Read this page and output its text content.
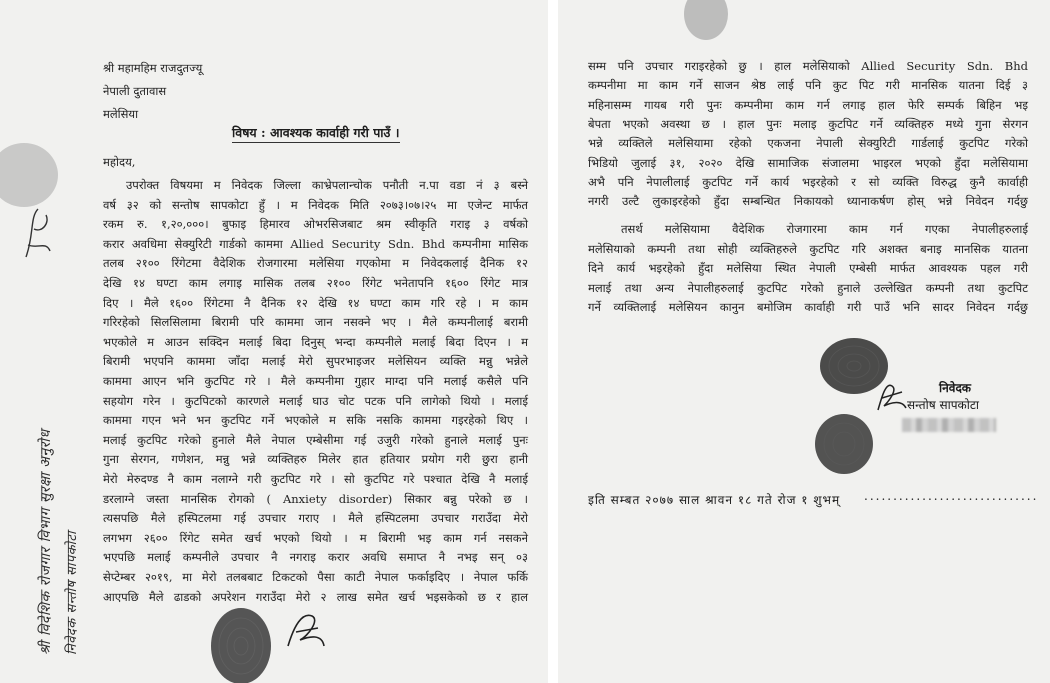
श्री महामहिम राजदुतज्यू
नेपाली दुतावास
मलेसिया
विषय : आवश्यक कार्वाही गरी पाउँ ।
महोदय,
उपरोक्त विषयमा म निवेदक जिल्ला काभ्रेपलान्चोक पनौती न.पा वडा नं ३ बस्ने
वर्ष ३२ को सन्तोष सापकोटा हुँ । म निवेदक मिति २०७३।०७।२५ मा एजेन्ट मार्फत
रकम रु. १,२०,०००। बुफाइ हिमारव ओभरसिजबाट श्रम स्वीकृति गराइ ३ वर्षको
करार अवधिमा सेक्युरिटी गार्डको काममा Allied Security Sdn. Bhd कम्पनीमा मासिक
तलब २१०० रिंगेटमा वैदेशिक रोजगारमा मलेसिया गएकोमा म निवेदकलाई दैनिक १२
देखि १४ घण्टा काम लगाइ मासिक तलब २१०० रिंगेट भनेतापनि १६०० रिंगेट मात्र
दिए । मैले १६०० रिंगेटमा नै दैनिक १२ देखि १४ घण्टा काम गरि रहे । म काम
गरिरहेको सिलसिलामा बिरामी परि काममा जान नसक्ने भए । मैले कम्पनीलाई बरामी
भएकोले म आउन सक्दिन मलाई बिदा दिनुस् भन्दा कम्पनीले मलाई बिदा दिएन । म
बिरामी भएपनि काममा जाँदा मलाई मेरो सुपरभाइजर मलेसियन व्यक्ति मन्नु भन्नेले
काममा आएन भनि कुटपिट गरे । मैले कम्पनीमा गुहार माग्दा पनि मलाई कसैले पनि
सहयोग गरेन । कुटपिटको कारणले मलाई घाउ चोट पटक पनि लागेको थियो । मलाई
काममा गएन भने भन कुटपिट गर्ने भएकोले म सकि नसकि काममा गइरहेको थिए ।
मलाई कुटपिट गरेको हुनाले मैले नेपाल एम्बेसीमा गई उजुरी गरेको हुनाले मलाई पुनः
गुना सेरगन, गणेशन, मन्नु भन्ने व्यक्तिहरु मिलेर हात हतियार प्रयोग गरी छुरा हानी
मेरो मेरुदण्ड नै काम नलाग्ने गरी कुटपिट गरे । सो कुटपिट गरे पश्चात देखि नै मलाई
डरलाग्ने जस्ता मानसिक रोगको ( Anxiety disorder) सिकार बन्नु परेको छ ।
त्यसपछि मैले हस्पिटलमा गई उपचार गराए । मैले हस्पिटलमा उपचार गराउँदा मेरो
लगभग २६०० रिंगेट समेत खर्च भएको थियो । म बिरामी भइ काम गर्न नसकने
भएपछि मलाई कम्पनीले उपचार नै नगराइ करार अवधि समाप्त नै नभइ सन् ०३
सेप्टेम्बर २०१९, मा मेरो तलबबाट टिकटको पैसा काटी नेपाल फर्काइदिए । नेपाल फर्कि
आएपछि मैले ढाडको अपरेशन गराउँदा मेरो २ लाख समेत खर्च भइसकेको छ र हाल
श्री विदेशिक रोजगार विभाग सुरक्षा अनुरोध निवेदक सन्तोष सापकोटा
सम्म पनि उपचार गराइरहेको छु । हाल मलेसियाको Allied Security Sdn. Bhd
कम्पनीमा मा काम गर्ने साजन श्रेष्ठ लाई पनि कुट पिट गरी मानसिक यातना दिई ३
महिनासम्म गायब गरी पुनः कम्पनीमा काम गर्न लगाइ हाल फेरि सम्पर्क बिहिन भइ
बेपता भएको अवस्था छ । हाल पुनः मलाइ कुटपिट गर्ने व्यक्तिहरु मध्ये गुना सेरगन
भन्ने व्यक्तिले मलेसियामा रहेको एकजना नेपाली सेक्युरिटी गार्डलाई कुटपिट गरेको
भिडियो जुलाई ३१, २०२० देखि सामाजिक संजालमा भाइरल भएको हुँदा मलेसियामा
अभै पनि नेपालीलाई कुटपिट गर्ने कार्य भइरहेको र सो व्यक्ति विरुद्ध कुनै कार्वाही
नगरी उल्टै लुकाइरहेको हुँदा सम्बन्धित निकायको ध्यानाकर्षण होस् भन्ने निवेदन गर्दछु
तसर्थ मलेसियामा वैदेशिक रोजगारमा काम गर्न गएका नेपालीहरुलाई
मलेसियाको कम्पनी तथा सोही व्यक्तिहरुले कुटपिट गरि अशक्त बनाइ मानसिक यातना
दिने कार्य भइरहेको हुँदा मलेसिया स्थित नेपाली एम्बेसी मार्फत आवश्यक पहल गरी
मलाई तथा अन्य नेपालीहरुलाई कुटपिट गरेको हुनाले उल्लेखित कम्पनी तथा कुटपिट
गर्ने व्यक्तिलाई मलेसियन कानुन बमोजिम कार्वाही गरी पाउँ भनि सादर निवेदन गर्दछु
निवेदक
सन्तोष सापकोटा
इति सम्बत २०७७ साल श्रावन १८ गते रोज १ शुभम् ..............................
